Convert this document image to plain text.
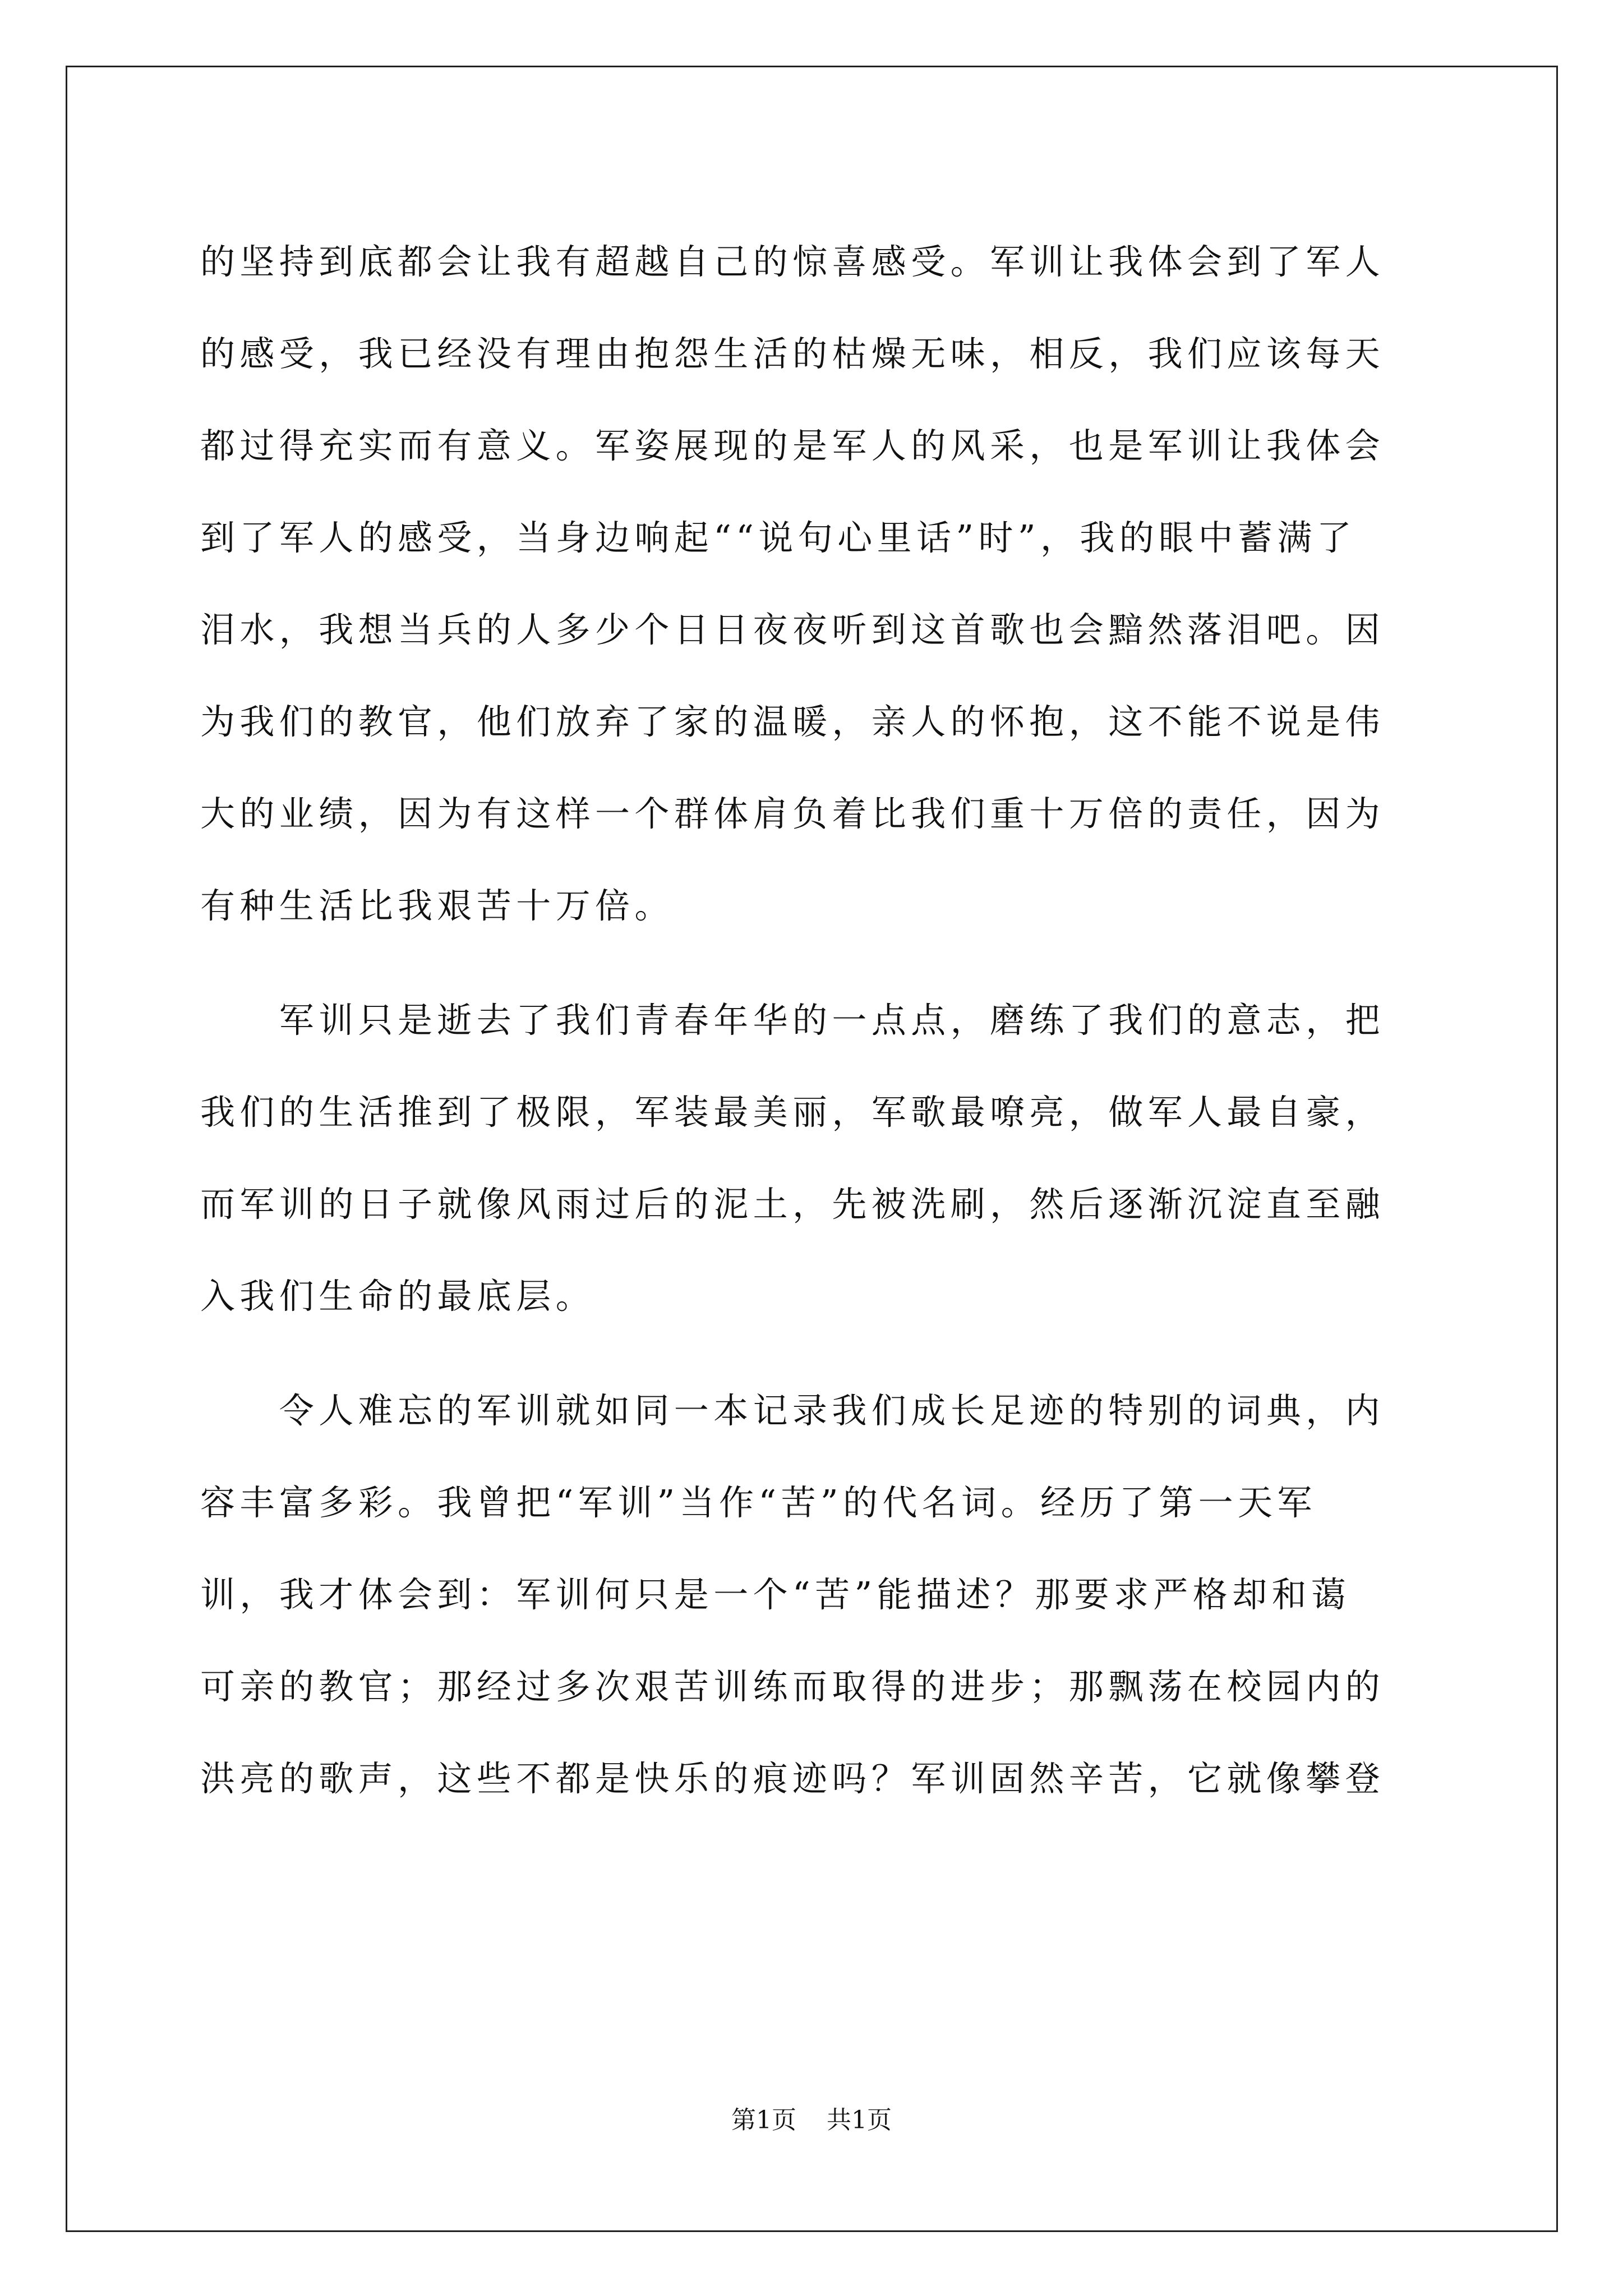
的坚持到底都会让我有超越自己的惊喜感受。军训让我体会到了军人
的感受，我已经没有理由抱怨生活的枯燥无味，相反，我们应该每天
都过得充实而有意义。军姿展现的是军人的风采，也是军训让我体会
到了军人的感受，当身边响起““说句心里话”时”，我的眼中蓄满了
泪水，我想当兵的人多少个日日夜夜听到这首歌也会黯然落泪吧。因
为我们的教官，他们放弃了家的温暖，亲人的怀抱，这不能不说是伟
大的业绩，因为有这样一个群体肩负着比我们重十万倍的责任，因为
有种生活比我艰苦十万倍。
　　军训只是逝去了我们青春年华的一点点，磨练了我们的意志，把
我们的生活推到了极限，军装最美丽，军歌最嘹亮，做军人最自豪，
而军训的日子就像风雨过后的泥土，先被洗刷，然后逐渐沉淀直至融
入我们生命的最底层。
　　令人难忘的军训就如同一本记录我们成长足迹的特别的词典，内
容丰富多彩。我曾把“军训”当作“苦”的代名词。经历了第一天军
训，我才体会到：军训何只是一个“苦”能描述？那要求严格却和蔼
可亲的教官；那经过多次艰苦训练而取得的进步；那飘荡在校园内的
洪亮的歌声，这些不都是快乐的痕迹吗？军训固然辛苦，它就像攀登
第1页 共1页
